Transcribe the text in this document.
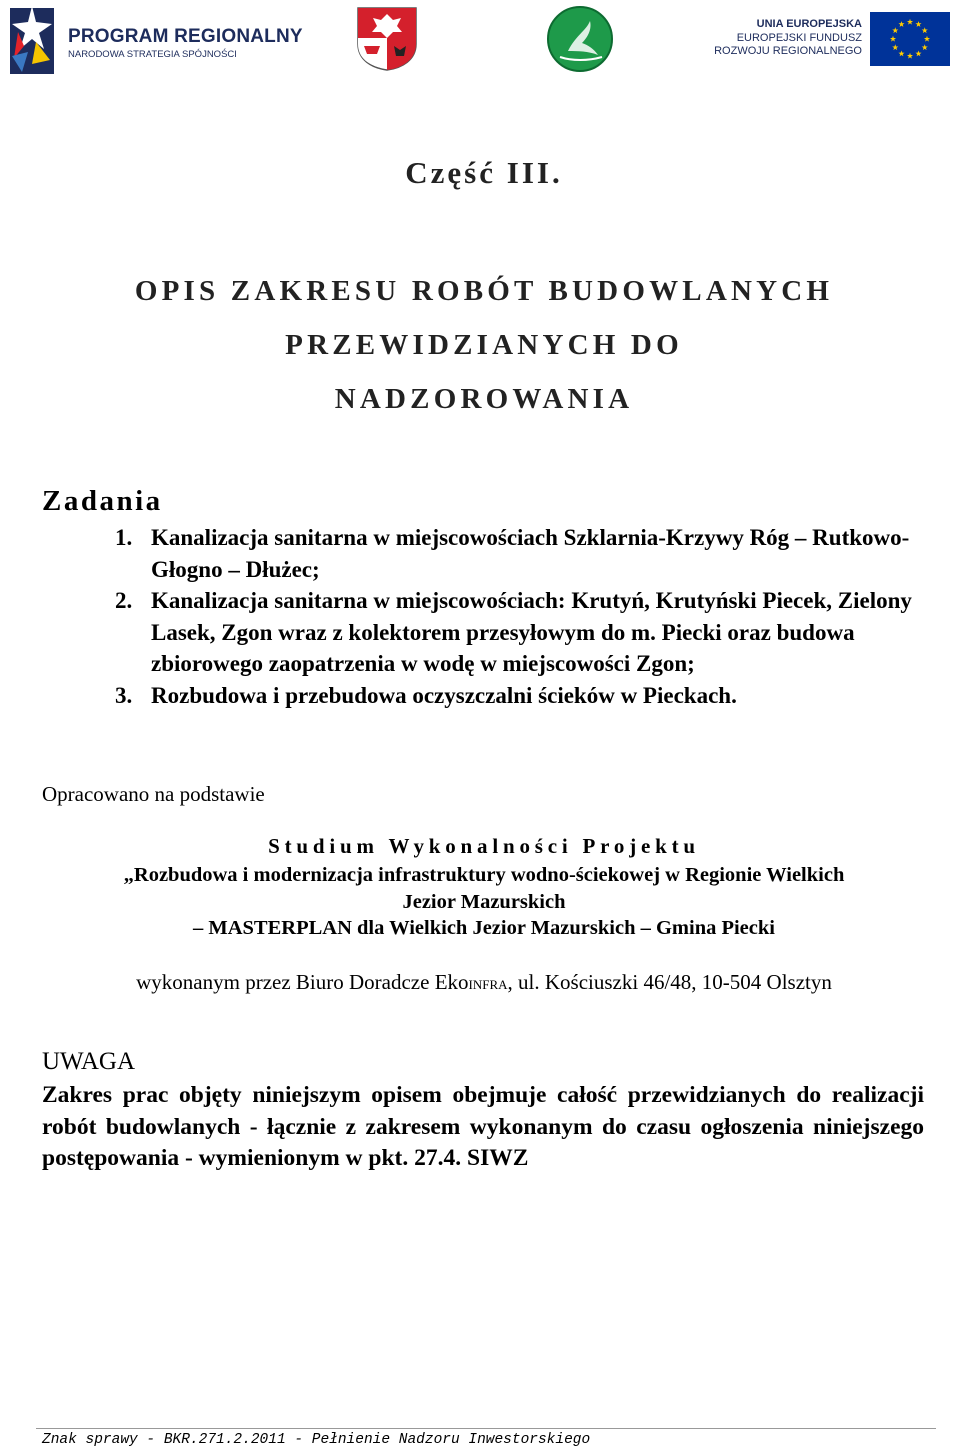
PROGRAM REGIONALNY
NARODOWA STRATEGIA SPÓJNOŚCI
UNIA EUROPEJSKA
EUROPEJSKI FUNDUSZ
ROZWOJU REGIONALNEGO
Część III.
OPIS ZAKRESU ROBÓT BUDOWLANYCH
PRZEWIDZIANYCH DO
NADZOROWANIA
Zadania
1. Kanalizacja sanitarna w miejscowościach Szklarnia-Krzywy Róg – Rutkowo- Głogno – Dłużec;
2. Kanalizacja sanitarna w miejscowościach: Krutyń, Krutyński Piecek, Zielony Lasek, Zgon wraz z kolektorem przesyłowym do m. Piecki oraz budowa zbiorowego zaopatrzenia w wodę w miejscowości Zgon;
3. Rozbudowa i przebudowa oczyszczalni ścieków w Pieckach.
Opracowano na podstawie
Studium Wykonalności Projektu
„Rozbudowa i modernizacja infrastruktury wodno-ściekowej w Regionie Wielkich
Jezior Mazurskich
– MASTERPLAN dla Wielkich Jezior Mazurskich – Gmina Piecki
wykonanym przez Biuro Doradcze EkoINFRA, ul. Kościuszki 46/48, 10-504 Olsztyn
UWAGA
Zakres prac objęty niniejszym opisem obejmuje całość przewidzianych do realizacji robót budowlanych - łącznie z zakresem wykonanym do czasu ogłoszenia niniejszego postępowania - wymienionym w pkt. 27.4. SIWZ
Znak sprawy - BKR.271.2.2011 - Pełnienie Nadzoru Inwestorskiego
